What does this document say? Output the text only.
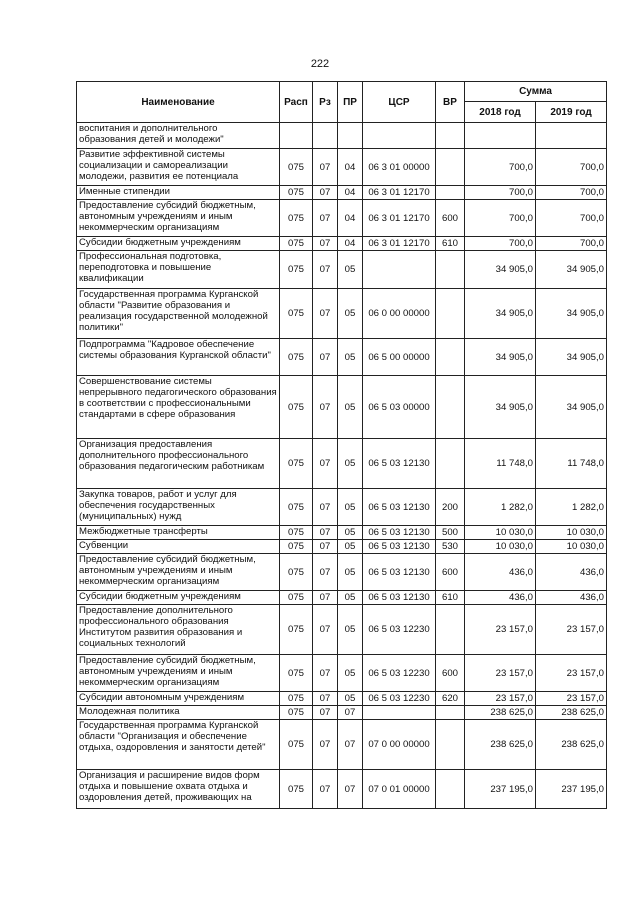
222
Наименование	Расп	Рз	ПР	ЦСР	ВР	Сумма	
						2018 год	2019 год
воспитания и дополнительного образования детей и молодежи"							
Развитие эффективной системы социализации и самореализации молодежи, развития ее потенциала	075	07	04	06 3 01 00000		700,0	700,0
Именные стипендии	075	07	04	06 3 01 12170		700,0	700,0
Предоставление субсидий бюджетным, автономным учреждениям и иным некоммерческим организациям	075	07	04	06 3 01 12170	600	700,0	700,0
Субсидии бюджетным учреждениям	075	07	04	06 3 01 12170	610	700,0	700,0
Профессиональная подготовка, переподготовка и повышение квалификации	075	07	05			34 905,0	34 905,0
Государственная программа Курганской области "Развитие образования и реализация государственной молодежной политики"	075	07	05	06 0 00 00000		34 905,0	34 905,0
Подпрограмма "Кадровое обеспечение системы образования Курганской области"	075	07	05	06 5 00 00000		34 905,0	34 905,0
Совершенствование системы непрерывного педагогического образования в соответствии с профессиональными стандартами в сфере образования	075	07	05	06 5 03 00000		34 905,0	34 905,0
Организация предоставления дополнительного профессионального образования педагогическим работникам	075	07	05	06 5 03 12130		11 748,0	11 748,0
Закупка товаров, работ и услуг для обеспечения государственных (муниципальных) нужд	075	07	05	06 5 03 12130	200	1 282,0	1 282,0
Межбюджетные трансферты	075	07	05	06 5 03 12130	500	10 030,0	10 030,0
Субвенции	075	07	05	06 5 03 12130	530	10 030,0	10 030,0
Предоставление субсидий бюджетным, автономным учреждениям и иным некоммерческим организациям	075	07	05	06 5 03 12130	600	436,0	436,0
Субсидии бюджетным учреждениям	075	07	05	06 5 03 12130	610	436,0	436,0
Предоставление дополнительного профессионального образования Институтом развития образования и социальных технологий	075	07	05	06 5 03 12230		23 157,0	23 157,0
Предоставление субсидий бюджетным, автономным учреждениям и иным некоммерческим организациям	075	07	05	06 5 03 12230	600	23 157,0	23 157,0
Субсидии автономным учреждениям	075	07	05	06 5 03 12230	620	23 157,0	23 157,0
Молодежная политика	075	07	07			238 625,0	238 625,0
Государственная программа Курганской области "Организация и обеспечение отдыха, оздоровления и занятости детей"	075	07	07	07 0 00 00000		238 625,0	238 625,0
Организация и расширение видов форм отдыха и повышение охвата отдыха и оздоровления детей, проживающих на	075	07	07	07 0 01 00000		237 195,0	237 195,0
